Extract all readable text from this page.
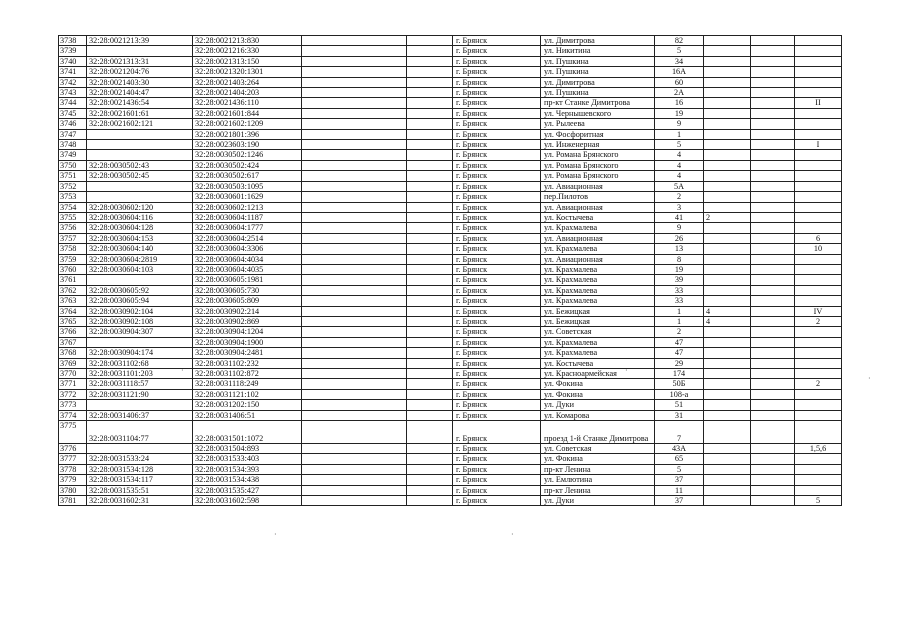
3738	32:28:0021213:39	32:28:0021213:830			г. Брянск	ул. Димитрова	82			
3739		32:28:0021216:330			г. Брянск	ул. Никитина	5			
3740	32:28:0021313:31	32:28:0021313:150			г. Брянск	ул. Пушкина	34			
3741	32:28:0021204:76	32:28:0021320:1301			г. Брянск	ул. Пушкина	16А			
3742	32:28:0021403:30	32:28:0021403:264			г. Брянск	ул. Димитрова	60			
3743	32:28:0021404:47	32:28:0021404:203			г. Брянск	ул. Пушкина	2А			
3744	32:28:0021436:54	32:28:0021436:110			г. Брянск	пр-кт Станке Димитрова	16			II
3745	32:28:0021601:61	32:28:0021601:844			г. Брянск	ул. Чернышевского	19			
3746	32:28:0021602:121	32:28:0021602:1209			г. Брянск	ул. Рылеева	9			
3747		32:28:0021801:396			г. Брянск	ул. Фосфоритная	1			
3748		32:28:0023603:190			г. Брянск	ул. Инженерная	5			I
3749		32:28:0030502:1246			г. Брянск	ул. Романа Брянского	4			
3750	32:28:0030502:43	32:28:0030502:424			г. Брянск	ул. Романа Брянского	4			
3751	32:28:0030502:45	32:28:0030502:617			г. Брянск	ул. Романа Брянского	4			
3752		32:28:0030503:1095			г. Брянск	ул. Авиационная	5А			
3753		32:28:0030601:1629			г. Брянск	пер.Пилотов	2			
3754	32:28:0030602:120	32:28:0030602:1213			г. Брянск	ул. Авиационная	3			
3755	32:28:0030604:116	32:28:0030604:1187			г. Брянск	ул. Костычева	41	2		
3756	32:28:0030604:128	32:28:0030604:1777			г. Брянск	ул. Крахмалева	9			
3757	32:28:0030604:153	32:28:0030604:2514			г. Брянск	ул. Авиационная	26			6
3758	32:28:0030604:140	32:28:0030604:3306			г. Брянск	ул. Крахмалева	13			10
3759	32:28:0030604:2819	32:28:0030604:4034			г. Брянск	ул. Авиационная	8			
3760	32:28:0030604:103	32:28:0030604:4035			г. Брянск	ул. Крахмалева	19			
3761		32:28:0030605:1981			г. Брянск	ул. Крахмалева	39			
3762	32:28:0030605:92	32:28:0030605:730			г. Брянск	ул. Крахмалева	33			
3763	32:28:0030605:94	32:28:0030605:809			г. Брянск	ул. Крахмалева	33			
3764	32:28:0030902:104	32:28:0030902:214			г. Брянск	ул. Бежицкая	1	4		IV
3765	32:28:0030902:108	32:28:0030902:869			г. Брянск	ул. Бежицкая	1	4		2
3766	32:28:0030904:307	32:28:0030904:1204			г. Брянск	ул. Советская	2			
3767		32:28:0030904:1900			г. Брянск	ул. Крахмалева	47			
3768	32:28:0030904:174	32:28:0030904:2481			г. Брянск	ул. Крахмалева	47			
3769	32:28:0031102:68	32:28:0031102:232			г. Брянск	ул. Костычева	29			
3770	32:28:0031101:203	32:28:0031102:872			г. Брянск	ул. Красноармейская	174			
3771	32:28:0031118:57	32:28:0031118:249			г. Брянск	ул. Фокина	50Б			2
3772	32:28:0031121:90	32:28:0031121:102			г. Брянск	ул. Фокина	108-а			
3773		32:28:0031202:150			г. Брянск	ул. Дуки	51			
3774	32:28:0031406:37	32:28:0031406:51			г. Брянск	ул. Комарова	31			
3775	32:28:0031104:77	32:28:0031501:1072			г. Брянск	проезд 1-й Станке Димитрова	7			
3776		32:28:0031504:893			г. Брянск	ул. Советская	43А			1,5,6
3777	32:28:0031533:24	32:28:0031533:403			г. Брянск	ул. Фокина	65			
3778	32:28:0031534:128	32:28:0031534:393			г. Брянск	пр-кт Ленина	5			
3779	32:28:0031534:117	32:28:0031534:438			г. Брянск	ул. Емлютина	37			
3780	32:28:0031535:51	32:28:0031535:427			г. Брянск	пр-кт Ленина	11			
3781	32:28:0031602:31	32:28:0031602:598			г. Брянск	ул. Дуки	37			5
·	·
·
·	·
